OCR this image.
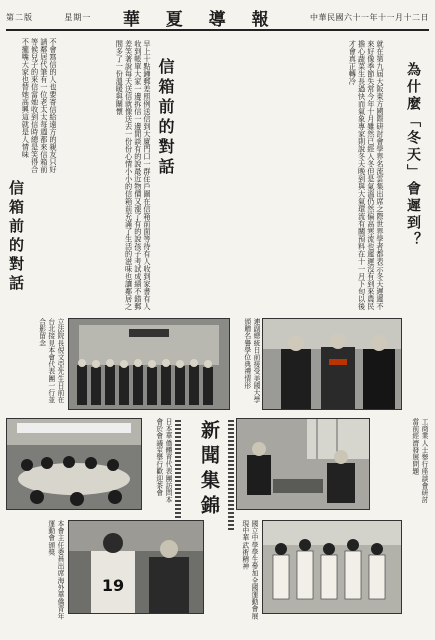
第二版	星期一 華 夏 導 報	中華民國六十一年十一月十二日
為什麼「冬天」會遲到？
就在第九屆大阪東方國際研討會學界名流雲集出席之際世界學者都表示冬天遲遲不來好像季節失常今年十月雖然已經入冬但是氣溫仍然偏高寒流也遲遲沒有到來農民擔心蔬菜生長過快而氣象專家則說冬天晚到與大氣環流有關預料在十一月下旬以後才會真正轉冷
信箱前的對話
早上十點鐘郵差照例送信到大廈門口一群住戶圍在信箱前面等待有人收到家書有人收到帳單大家一邊拆信一邊閒談有的說最近物價又漲了有的說孩子考試成績不錯郵差笑著說每天送信就像送去一份份心情小小的信箱前充滿了生活的滋味也讓鄰居之間多了一份溫暖與關懷
信箱前的對話
不會寫信的人也要寄信給遠方的親友只好請鄰居代筆有一位老太太每週都來信箱前等候兒子的來信當她收到信時總是笑得合不攏嘴大家也替她高興這就是人情味
立法院長倪文亞先生日前在台北接見本會代表團一行並合影留念	連副總統日前接受美國大學頒贈名譽學位典禮情形
新聞集錦
日本華僑體育代表團訪問本會於會議室舉行歡迎茶會	工商業人士舉行座談會研討當前經濟發展問題
19
本會主任委員出席海外華僑青年運動會頒獎	國立中學學生參加全國運動會展現中華武術精神
